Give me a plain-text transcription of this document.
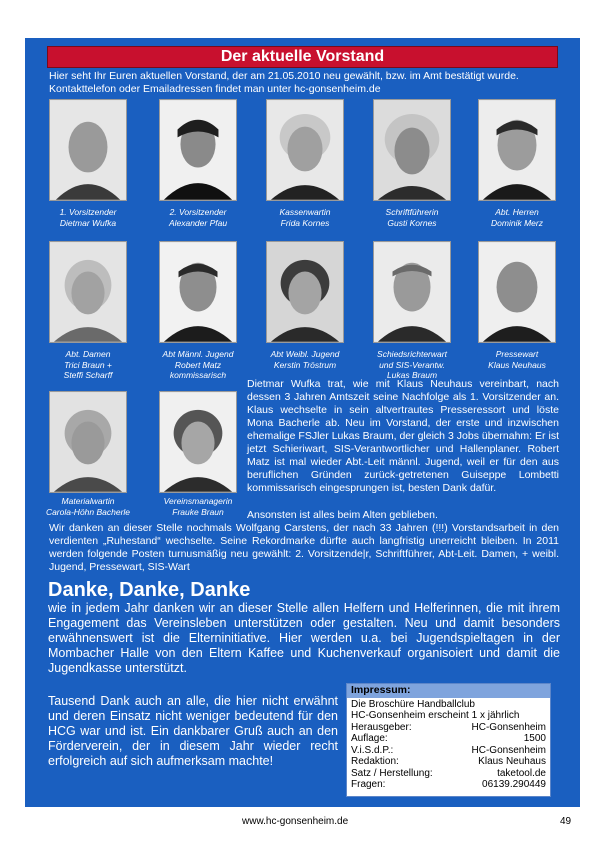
Der aktuelle Vorstand
Hier seht Ihr Euren aktuellen Vorstand, der am 21.05.2010 neu gewählt, bzw. im Amt bestätigt wurde.
Kontakttelefon oder Emailadressen findet man unter hc-gonsenheim.de
1. Vorsitzender
Dietmar Wufka
2. Vorsitzender
Alexander Pfau
Kassenwartin
Frida Kornes
Schriftführerin
Gusti Kornes
Abt. Herren
Dominik Merz
Abt. Damen
Trici Braun +
Steffi Scharff
Abt Männl. Jugend
Robert Matz
kommissarisch
Abt Weibl. Jugend
Kerstin Tröstrum
Schiedsrichterwart
und SIS-Verantw.
Lukas Braum
Pressewart
Klaus Neuhaus
Materialwartin
Carola-Höhn Bacherle
Vereinsmanagerin
Frauke Braun
Dietmar Wufka trat, wie mit Klaus Neuhaus vereinbart, nach dessen 3 Jahren Amtszeit seine Nachfolge als 1. Vorsitzender an. Klaus wechselte in sein altvertrautes Presseressort und löste Mona Bacherle ab. Neu im Vorstand, der erste und inzwischen ehemalige FSJler Lukas Braum, der gleich 3 Jobs übernahm: Er ist jetzt Schieriwart, SIS-Verantwortlicher und Hallenplaner. Robert Matz ist mal wieder Abt.-Leit männl. Jugend, weil er für den aus beruflichen Gründen zurück-getretenen Guiseppe Lombetti kommissarisch eingesprungen ist, besten Dank dafür.
Ansonsten ist alles beim Alten geblieben.
Wir danken an dieser Stelle nochmals Wolfgang Carstens, der nach 33 Jahren (!!!) Vorstandsarbeit in den verdienten „Ruhestand“ wechselte. Seine Rekordmarke dürfte auch langfristig unerreicht bleiben. In 2011 werden folgende Posten turnusmäßig neu gewählt: 2. Vorsitzende|r, Schriftführer, Abt-Leit. Damen, + weibl. Jugend, Pressewart, SIS-Wart
Danke, Danke, Danke
wie in jedem Jahr danken wir an dieser Stelle allen Helfern und Helferinnen, die mit ihrem Engagement das Vereinsleben unterstützen oder gestalten. Neu und damit besonders erwähnenswert ist die Elterninitiative. Hier werden u.a. bei Jugendspieltagen in der Mombacher Halle von den Eltern Kaffee und Kuchenverkauf organisoiert und damit die Jugendkasse unterstützt.
Tausend Dank auch an alle, die hier nicht erwähnt und deren Einsatz nicht weniger bedeutend für den HCG war und ist. Ein dankbarer Gruß auch an den Förderverein, der in diesem Jahr wieder recht erfolgreich auf sich aufmerksam machte!
Impressum:
Die Broschüre Handballclub
HC-Gonsenheim erscheint 1 x jährlich
Herausgeber:	HC-Gonsenheim
Auflage:	1500
V.i.S.d.P.:	HC-Gonsenheim
Redaktion:	Klaus Neuhaus
Satz / Herstellung:	taketool.de
Fragen:	06139.290449
www.hc-gonsenheim.de	49
